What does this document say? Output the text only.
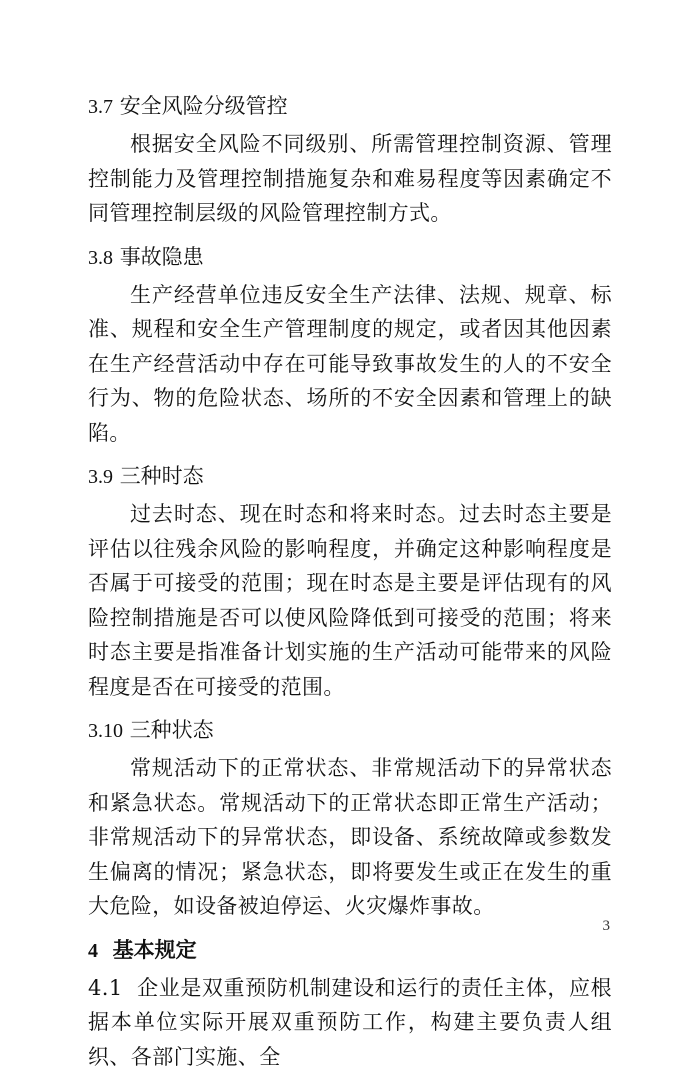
3.7 安全风险分级管控

根据安全风险不同级别、所需管理控制资源、管理控制能力及管理控制措施复杂和难易程度等因素确定不同管理控制层级的风险管理控制方式。

3.8 事故隐患

生产经营单位违反安全生产法律、法规、规章、标准、规程和安全生产管理制度的规定，或者因其他因素在生产经营活动中存在可能导致事故发生的人的不安全行为、物的危险状态、场所的不安全因素和管理上的缺陷。

3.9 三种时态

过去时态、现在时态和将来时态。过去时态主要是评估以往残余风险的影响程度，并确定这种影响程度是否属于可接受的范围；现在时态是主要是评估现有的风险控制措施是否可以使风险降低到可接受的范围；将来时态主要是指准备计划实施的生产活动可能带来的风险程度是否在可接受的范围。

3.10 三种状态

常规活动下的正常状态、非常规活动下的异常状态和紧急状态。常规活动下的正常状态即正常生产活动；非常规活动下的异常状态，即设备、系统故障或参数发生偏离的情况；紧急状态，即将要发生或正在发生的重大危险，如设备被迫停运、火灾爆炸事故。

4 基本规定

4.1 企业是双重预防机制建设和运行的责任主体，应根据本单位实际开展双重预防工作，构建主要负责人组织、各部门实施、全

3
